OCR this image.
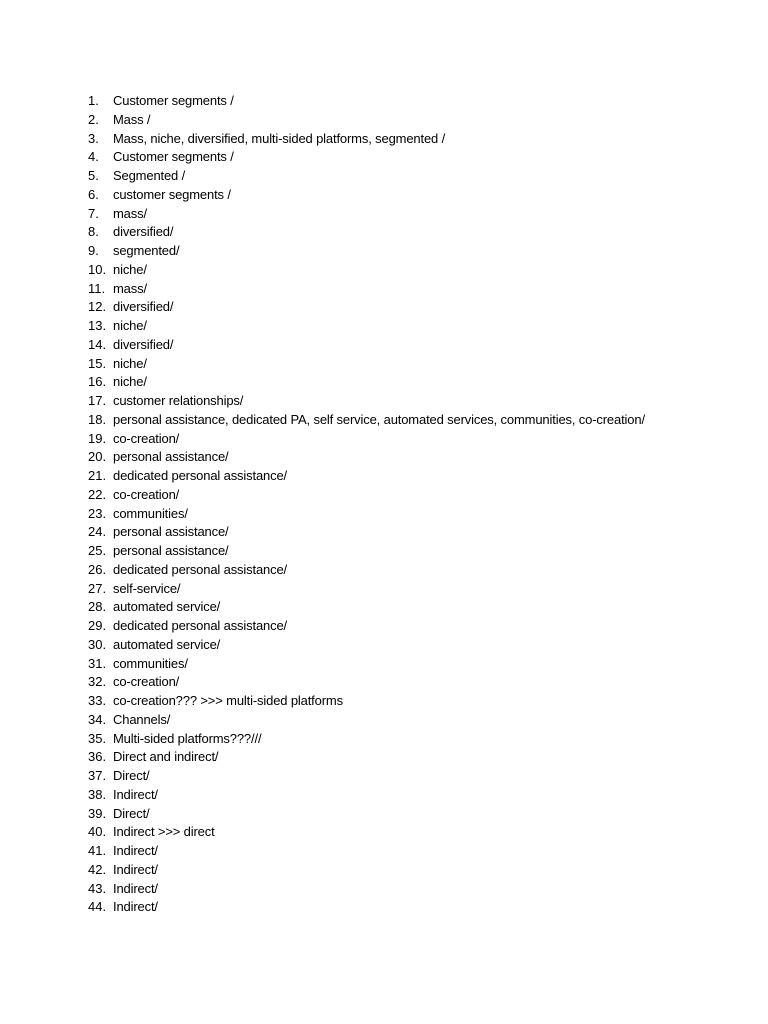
1.	Customer segments /
2.	Mass /
3.	Mass, niche, diversified, multi-sided platforms, segmented /
4.	Customer segments /
5.	Segmented /
6.	customer segments /
7.	mass/
8.	diversified/
9.	segmented/
10. niche/
11. mass/
12. diversified/
13. niche/
14. diversified/
15. niche/
16. niche/
17. customer relationships/
18. personal assistance, dedicated PA, self service, automated services, communities, co-creation/
19. co-creation/
20. personal assistance/
21. dedicated personal assistance/
22. co-creation/
23. communities/
24. personal assistance/
25. personal assistance/
26. dedicated personal assistance/
27. self-service/
28. automated service/
29. dedicated personal assistance/
30. automated service/
31. communities/
32. co-creation/
33. co-creation??? >>> multi-sided platforms
34. Channels/
35. Multi-sided platforms???///
36. Direct and indirect/
37. Direct/
38. Indirect/
39. Direct/
40. Indirect >>> direct
41. Indirect/
42. Indirect/
43. Indirect/
44. Indirect/
